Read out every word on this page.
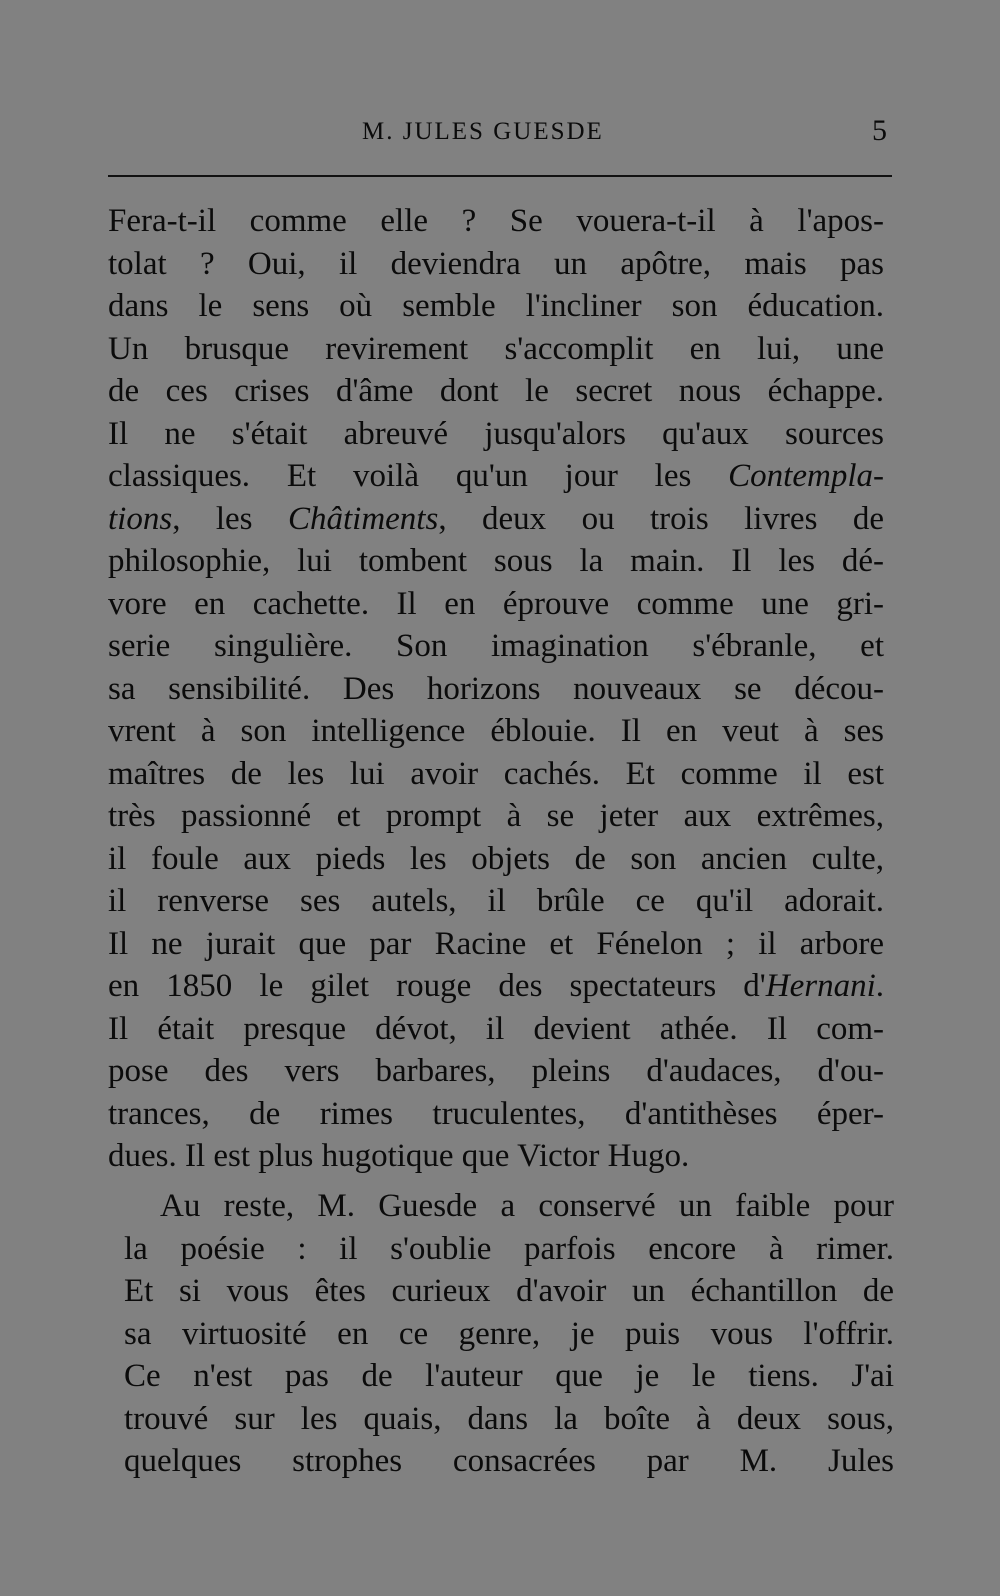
M. JULES GUESDE	5
Fera-t-il comme elle ? Se vouera-t-il à l'apos-
tolat ? Oui, il deviendra un apôtre, mais pas
dans le sens où semble l'incliner son éducation.
Un brusque revirement s'accomplit en lui, une
de ces crises d'âme dont le secret nous échappe.
Il ne s'était abreuvé jusqu'alors qu'aux sources
classiques. Et voilà qu'un jour les Contempla-
tions, les Châtiments, deux ou trois livres de
philosophie, lui tombent sous la main. Il les dé-
vore en cachette. Il en éprouve comme une gri-
serie singulière. Son imagination s'ébranle, et
sa sensibilité. Des horizons nouveaux se décou-
vrent à son intelligence éblouie. Il en veut à ses
maîtres de les lui avoir cachés. Et comme il est
très passionné et prompt à se jeter aux extrêmes,
il foule aux pieds les objets de son ancien culte,
il renverse ses autels, il brûle ce qu'il adorait.
Il ne jurait que par Racine et Fénelon ; il arbore
en 1850 le gilet rouge des spectateurs d'Hernani.
Il était presque dévot, il devient athée. Il com-
pose des vers barbares, pleins d'audaces, d'ou-
trances, de rimes truculentes, d'antithèses éper-
dues. Il est plus hugotique que Victor Hugo.
Au reste, M. Guesde a conservé un faible pour
la poésie : il s'oublie parfois encore à rimer.
Et si vous êtes curieux d'avoir un échantillon de
sa virtuosité en ce genre, je puis vous l'offrir.
Ce n'est pas de l'auteur que je le tiens. J'ai
trouvé sur les quais, dans la boîte à deux sous,
quelques strophes consacrées par M. Jules
